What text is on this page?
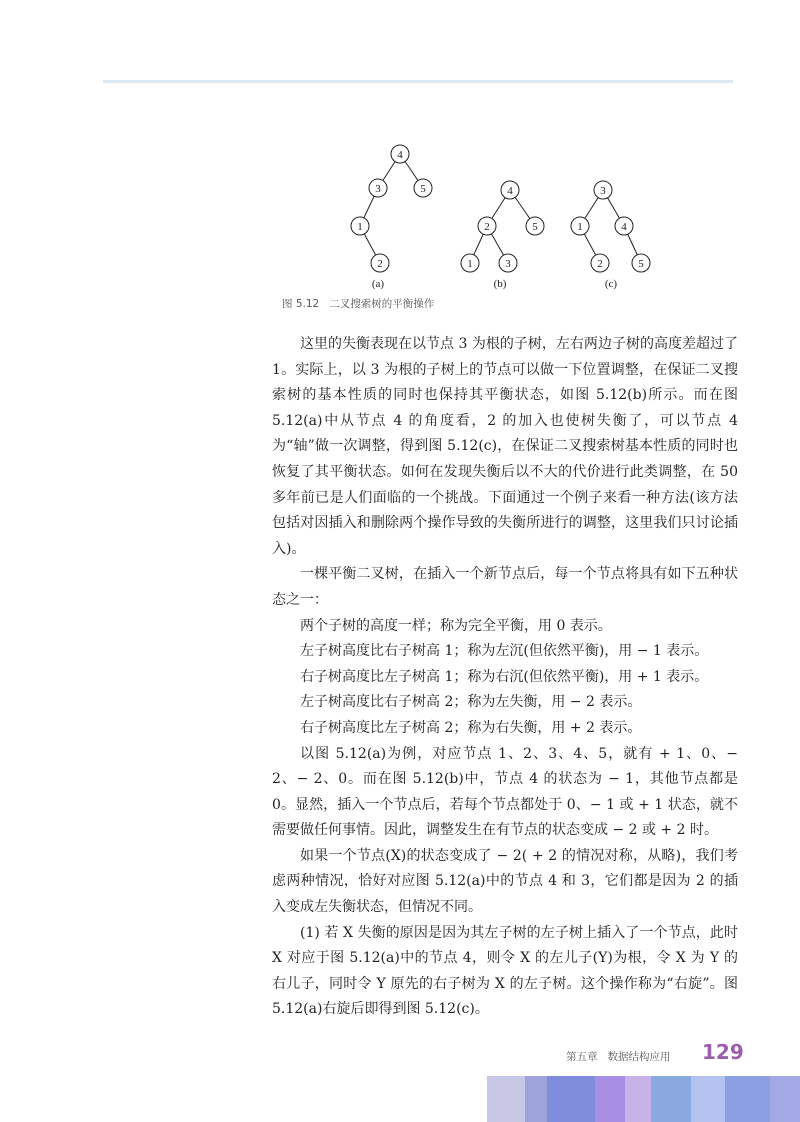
4
3	5
1
2
(a)
4
2	5
1	3
(b)
3
1	4
2	5
(c)
图 5.12   二叉搜索树的平衡操作

这里的失衡表现在以节点 3 为根的子树，左右两边子树的高度差超过了 1。实际上，以 3 为根的子树上的节点可以做一下位置调整，在保证二叉搜索树的基本性质的同时也保持其平衡状态，如图 5.12(b)所示。而在图 5.12(a)中从节点 4 的角度看，2 的加入也使树失衡了，可以节点 4 为“轴”做一次调整，得到图 5.12(c)，在保证二叉搜索树基本性质的同时也恢复了其平衡状态。如何在发现失衡后以不大的代价进行此类调整，在 50 多年前已是人们面临的一个挑战。下面通过一个例子来看一种方法(该方法包括对因插入和删除两个操作导致的失衡所进行的调整，这里我们只讨论插入)。

一棵平衡二叉树，在插入一个新节点后，每一个节点将具有如下五种状态之一：

两个子树的高度一样；称为完全平衡，用 0 表示。

左子树高度比右子树高 1；称为左沉(但依然平衡)，用 − 1 表示。

右子树高度比左子树高 1；称为右沉(但依然平衡)，用 + 1 表示。

左子树高度比右子树高 2；称为左失衡，用 − 2 表示。

右子树高度比左子树高 2；称为右失衡，用 + 2 表示。

以图 5.12(a)为例，对应节点 1、2、3、4、5，就有 + 1、0、− 2、− 2、0。而在图 5.12(b)中，节点 4 的状态为 − 1，其他节点都是 0。显然，插入一个节点后，若每个节点都处于 0、− 1 或 + 1 状态，就不需要做任何事情。因此，调整发生在有节点的状态变成 − 2 或 + 2 时。

如果一个节点(X)的状态变成了 − 2( + 2 的情况对称，从略)，我们考虑两种情况，恰好对应图 5.12(a)中的节点 4 和 3，它们都是因为 2 的插入变成左失衡状态，但情况不同。

(1) 若 X 失衡的原因是因为其左子树的左子树上插入了一个节点，此时 X 对应于图 5.12(a)中的节点 4，则令 X 的左儿子(Y)为根，令 X 为 Y 的右儿子，同时令 Y 原先的右子树为 X 的左子树。这个操作称为“右旋”。图 5.12(a)右旋后即得到图 5.12(c)。

第五章   数据结构应用 129
